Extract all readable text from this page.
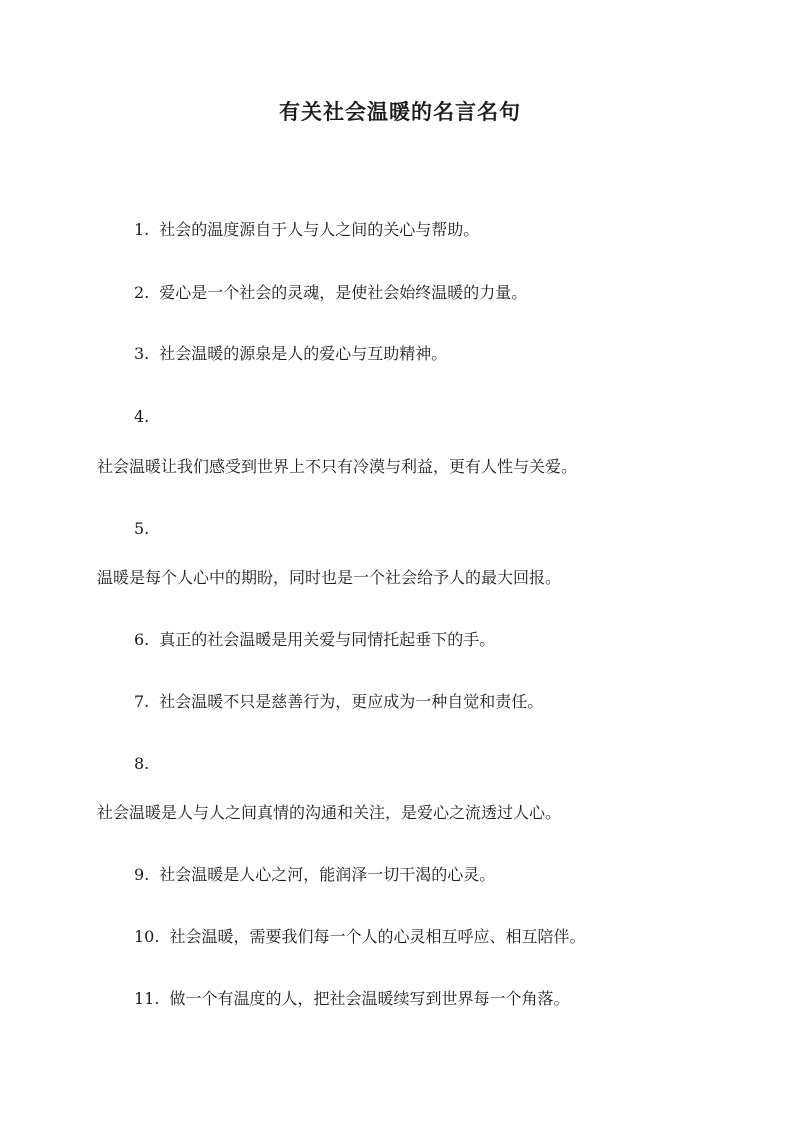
有关社会温暖的名言名句

1. 社会的温度源自于人与人之间的关心与帮助。

2. 爱心是一个社会的灵魂，是使社会始终温暖的力量。

3. 社会温暖的源泉是人的爱心与互助精神。

4.

社会温暖让我们感受到世界上不只有冷漠与利益，更有人性与关爱。

5.

温暖是每个人心中的期盼，同时也是一个社会给予人的最大回报。

6. 真正的社会温暖是用关爱与同情托起垂下的手。

7. 社会温暖不只是慈善行为，更应成为一种自觉和责任。

8.

社会温暖是人与人之间真情的沟通和关注，是爱心之流透过人心。

9. 社会温暖是人心之河，能润泽一切干渴的心灵。

10. 社会温暖，需要我们每一个人的心灵相互呼应、相互陪伴。

11. 做一个有温度的人，把社会温暖续写到世界每一个角落。
